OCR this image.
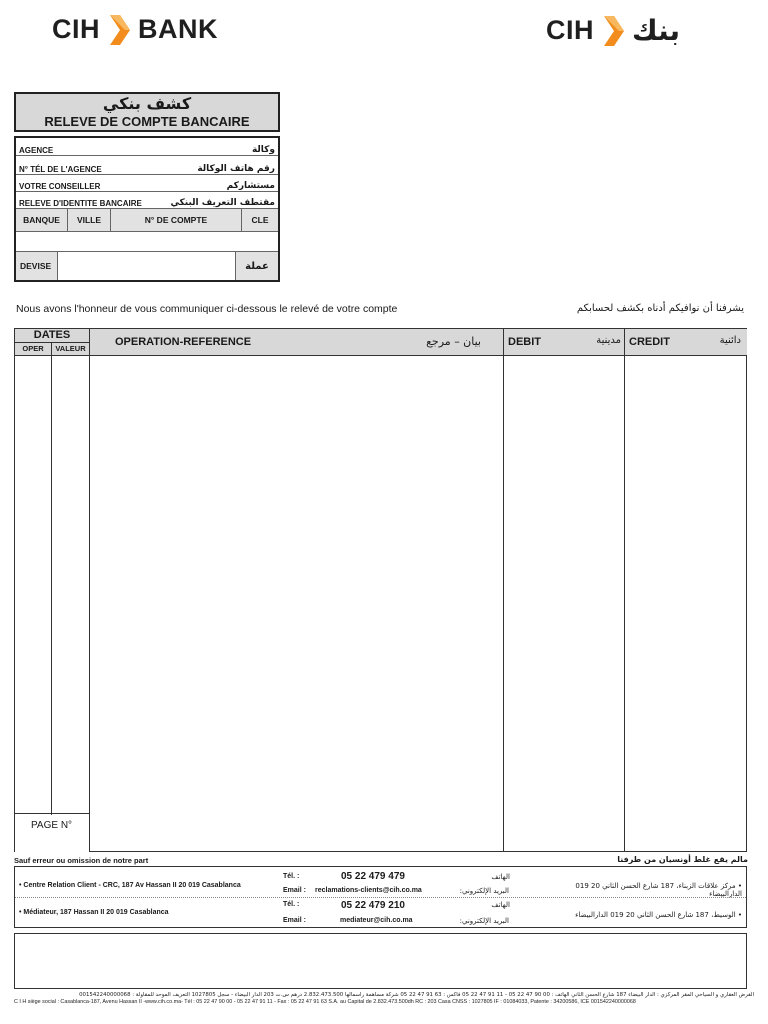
CIH BANK	CIH بنك
كشف بنكي
RELEVE DE COMPTE BANCAIRE
AGENCE	وكالة
N° TÉL DE L'AGENCE	رقم هاتف الوكالة
VOTRE CONSEILLER	مستشاركم
RELEVE D'IDENTITE BANCAIRE	مقتطف التعريف البنكي
BANQUE	VILLE	N° DE COMPTE	CLE
DEVISE	عملة
Nous avons l'honneur de vous communiquer ci-dessous le relevé de votre compte	يشرفنا أن نوافيكم أدناه بكشف لحسابكم
DATES
OPER	VALEUR
OPERATION-REFERENCE	بيان – مرجع DEBIT	مدينية CREDIT	دائنية
PAGE N°
Sauf erreur ou omission de notre part	مالم يقع غلط أونسيان من طرفنا
• Centre Relation Client - CRC, 187 Av Hassan II 20 019 Casablanca
Tél. :	05 22 479 479	الهاتف
Email : reclamations-clients@cih.co.ma	البريد الإلكتروني:
• مركز علاقات الزبناء، 187 شارع الحسن الثاني 20 019 الدارالبيضاء
• Médiateur, 187 Hassan II 20 019 Casablanca
Tél. :	05 22 479 210	الهاتف
Email :	mediateur@cih.co.ma	البريد الإلكتروني:
• الوسيط، 187 شارع الحسن الثاني 20 019 الدارالبيضاء
القرض العقاري و السياحي المقر المركزي : الدار البيضاء 187 شارع الحسن الثاني الهاتف : 00 90 47 22 05 - 11 91 47 22 05 فاكس : 63 91 47 22 05 شركة مساهمة رأسمالها 2.832.473.500 درهم س.ت 203 الدار البيضاء - سجل 1027805 التعريف الموحد للمقاولة : 001542240000068
C I H siège social : Casablanca-187, Avenu Hassan II -www.cih.co.ma- Tél : 05 22 47 90 00 - 05 22 47 91 11 - Fax : 05 22 47 91 63 S.A. au Capital de 2.832.473.500dh RC : 203 Casa CNSS : 1027805 IF : 01084033, Patente : 34200586, ICE 001542240000068
